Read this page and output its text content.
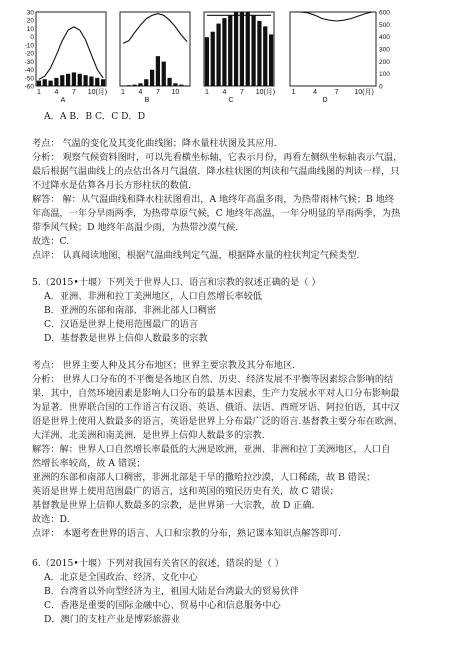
1 4 7 10(月)
A
30
20
10
0
-10
-20
-30
-40
-50
-60
1 4 7 10
B
1 4 7 10(月)
C
1	4	7 10(月)
D
600
500
400
300
200
100
0
A．A B．B C．C D．D
考点： 气温的变化及其变化曲线图；降水量柱状图及其应用.
分析： 观察气候资料图时，可以先看横坐标轴，它表示月份，再看左侧纵坐标轴表示气温，
最后根据气温曲线上的点估出各月气温值．降水柱状图的判读和气温曲线图的判读一样，只
不过降水是估算各月长方形柱状的数值.
解答： 解：从气温曲线和降水柱状图看出，A 地终年高温多雨，为热带雨林气候；B 地终
年高温，一年分旱雨两季，为热带草原气候，C 地终年高温，一年分明显的旱雨两季，为热
带季风气候；D 地终年高温少雨，为热带沙漠气候.
故选：C.
点评： 认真阅读地图，根据气温曲线判定气温，根据降水量的柱状判定气候类型.
5.（2015•十堰）下列关于世界人口、语言和宗教的叙述正确的是（ ）
A．亚洲、非洲和拉丁美洲地区，人口自然增长率较低
B．亚洲的东部和南部、非洲北部人口稠密
C．汉语是世界上使用范围最广的语言
D．基督教是世界上信仰人数最多的宗教
考点： 世界主要人种及其分布地区；世界主要宗教及其分布地区.
分析： 世界人口分布的不平衡是各地区自然、历史、经济发展不平衡等因素综合影响的结
果．其中，自然环境因素是影响人口分布的最基本因素，生产力发展水平对人口分布影响最
为显著．世界联合国的工作语言有汉语、英语、俄语、法语、西班牙语、阿拉伯语，其中汉
语是世界上使用人数最多的语言，英语是世界上分布最广泛的语言.基督教主要分布在欧洲、
大洋洲、北美洲和南美洲．是世界上信仰人数最多的宗教.
解答：解：世界人口自然增长率最低的大洲是欧洲，亚洲、非洲和拉丁美洲地区，人口自
然增长率较高，故 A 错误；
亚洲的东部和南部人口稠密，非洲北部是干旱的撒哈拉沙漠，人口稀疏，故 B 错误；
英语是世界上使用范围最广的语言，这和英国的殖民历史有关，故 C 错误；
基督教是世界上信仰人数最多的宗教，是世界第一大宗教，故 D 正确.
故选：D.
点评： 本题考查世界的语言、人口和宗教的分布，熟记课本知识点解答即可.
6.（2015•十堰）下列对我国有关省区的叙述，错误的是（ ）
A．北京是全国政治、经济、文化中心
B．台湾省以外向型经济为主，祖国大陆是台湾最大的贸易伙伴
C．香港是重要的国际金融中心、贸易中心和信息服务中心
D．澳门的支柱产业是博彩旅游业
